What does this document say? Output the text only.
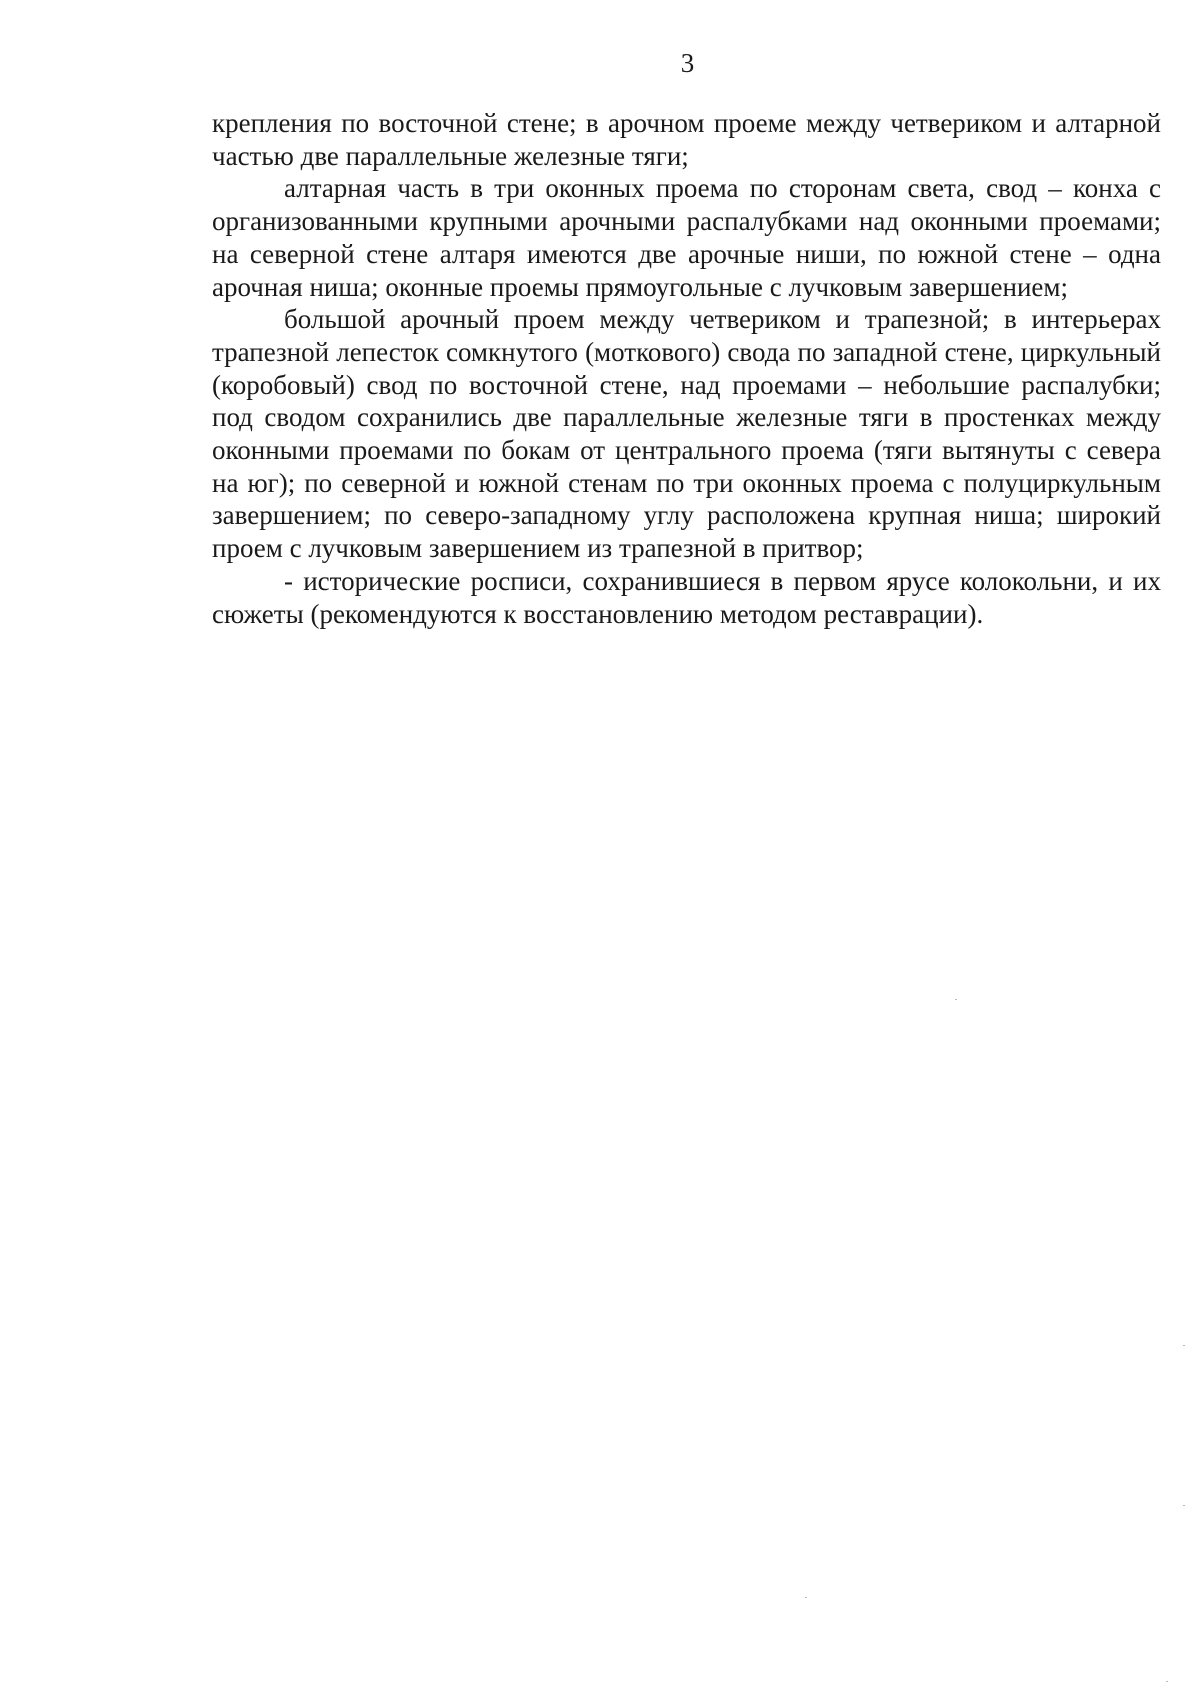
3

крепления по восточной стене; в арочном проеме между четвериком и алтарной частью две параллельные железные тяги;

алтарная часть в три оконных проема по сторонам света, свод – конха с организованными крупными арочными распалубками над оконными проемами; на северной стене алтаря имеются две арочные ниши, по южной стене – одна арочная ниша; оконные проемы прямоугольные с лучковым завершением;

большой арочный проем между четвериком и трапезной; в интерьерах трапезной лепесток сомкнутого (моткового) свода по западной стене, циркульный (коробовый) свод по восточной стене, над проемами – небольшие распалубки; под сводом сохранились две параллельные железные тяги в простенках между оконными проемами по бокам от центрального проема (тяги вытянуты с севера на юг); по северной и южной стенам по три оконных проема с полуциркульным завершением; по северо-западному углу расположена крупная ниша; широкий проем с лучковым завершением из трапезной в притвор;

- исторические росписи, сохранившиеся в первом ярусе колокольни, и их сюжеты (рекомендуются к восстановлению методом реставрации).
